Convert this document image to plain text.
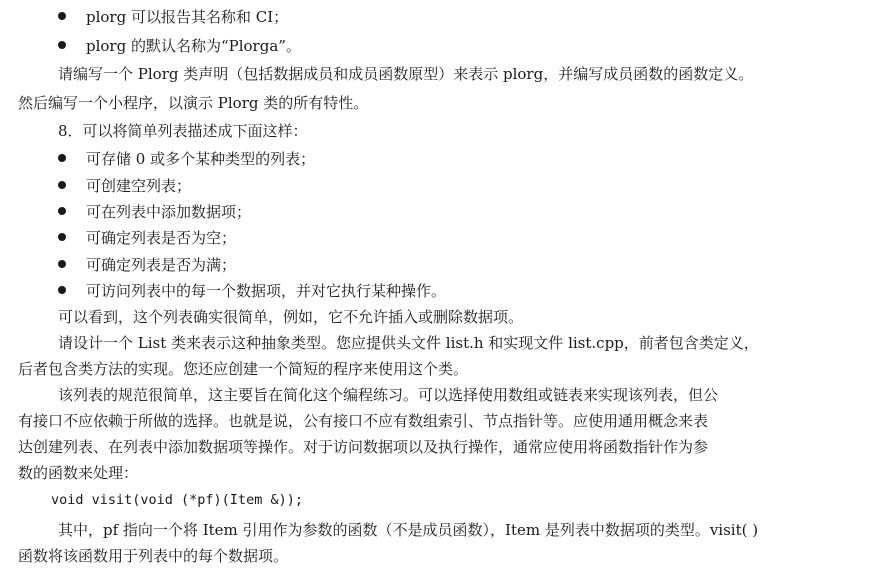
plorg 可以报告其名称和 CI；
plorg 的默认名称为“Plorga”。
请编写一个 Plorg 类声明（包括数据成员和成员函数原型）来表示 plorg，并编写成员函数的函数定义。
然后编写一个小程序，以演示 Plorg 类的所有特性。
8．可以将简单列表描述成下面这样：
可存储 0 或多个某种类型的列表；
可创建空列表；
可在列表中添加数据项；
可确定列表是否为空；
可确定列表是否为满；
可访问列表中的每一个数据项，并对它执行某种操作。
可以看到，这个列表确实很简单，例如，它不允许插入或删除数据项。
请设计一个 List 类来表示这种抽象类型。您应提供头文件 list.h 和实现文件 list.cpp，前者包含类定义，
后者包含类方法的实现。您还应创建一个简短的程序来使用这个类。
该列表的规范很简单，这主要旨在简化这个编程练习。可以选择使用数组或链表来实现该列表，但公
有接口不应依赖于所做的选择。也就是说，公有接口不应有数组索引、节点指针等。应使用通用概念来表
达创建列表、在列表中添加数据项等操作。对于访问数据项以及执行操作，通常应使用将函数指针作为参
数的函数来处理：
void visit(void (*pf)(Item &));
其中，pf 指向一个将 Item 引用作为参数的函数（不是成员函数），Item 是列表中数据项的类型。visit( )
函数将该函数用于列表中的每个数据项。
